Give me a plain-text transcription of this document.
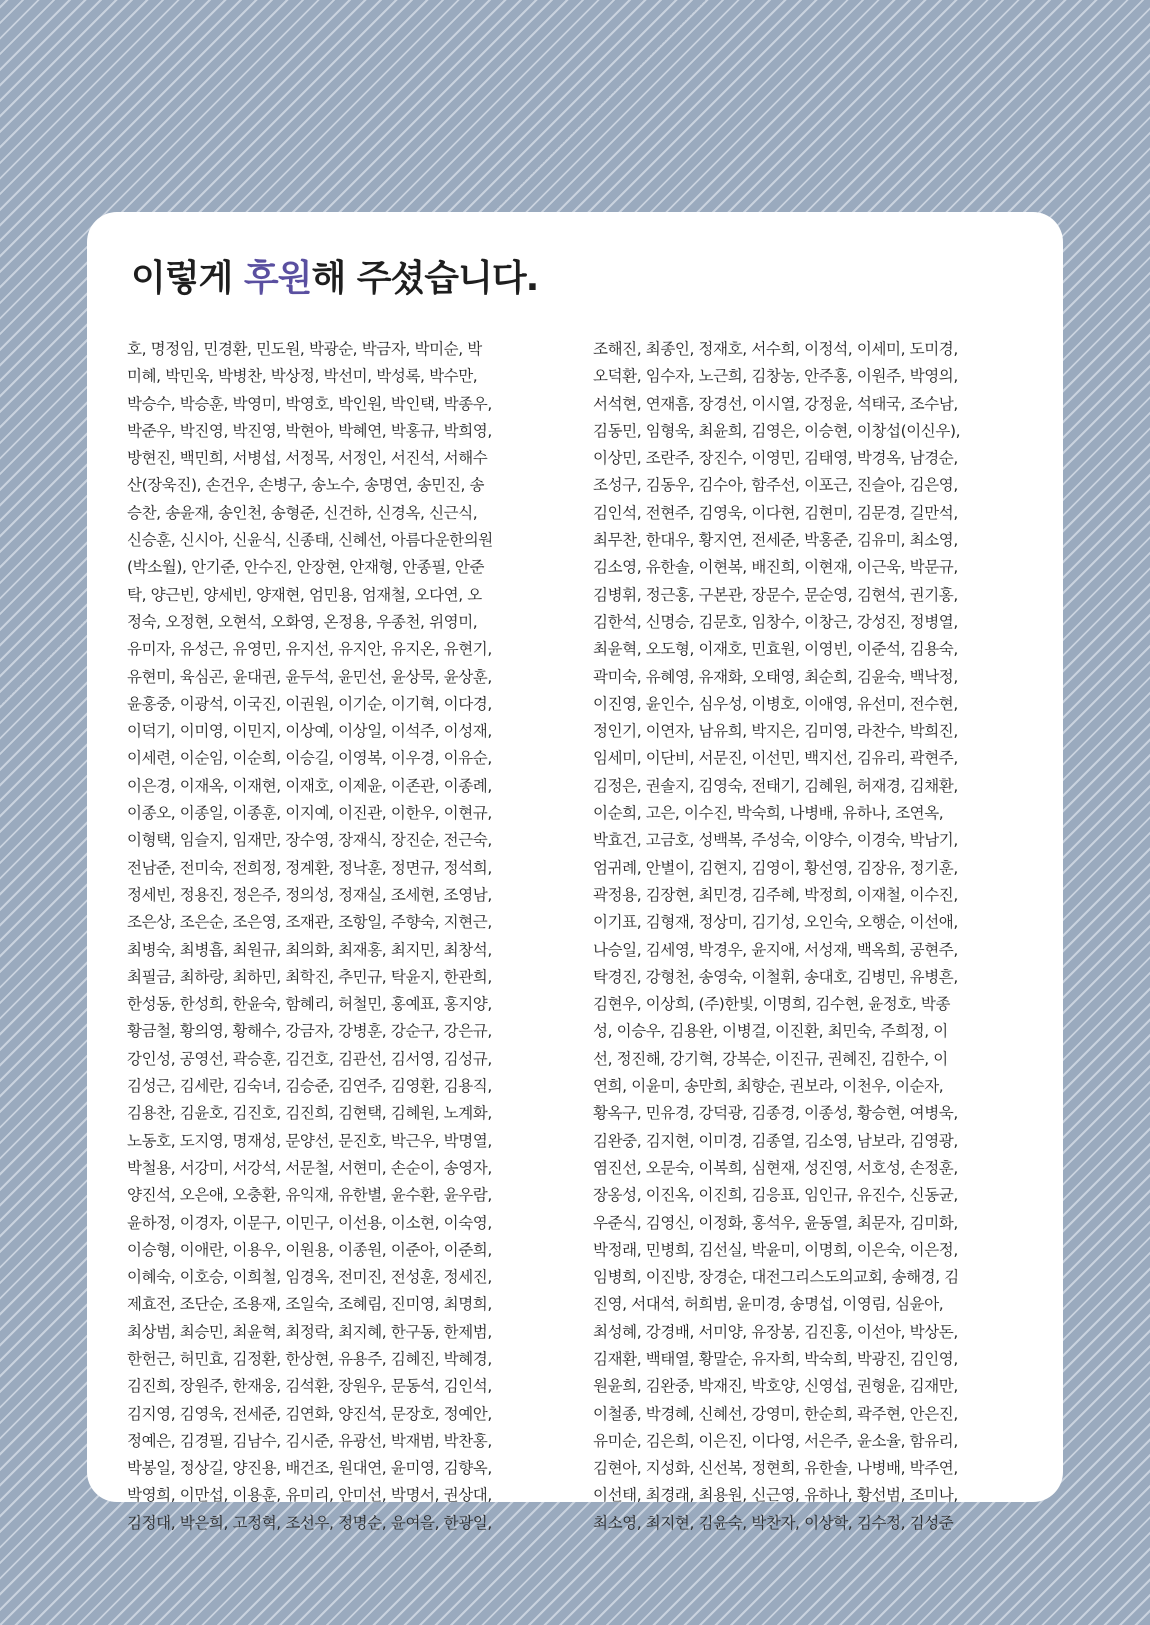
이렇게 후원해 주셨습니다.
호, 명정임, 민경환, 민도원, 박광순, 박금자, 박미순, 박
미혜, 박민욱, 박병찬, 박상정, 박선미, 박성록, 박수만,
박승수, 박승훈, 박영미, 박영호, 박인원, 박인택, 박종우,
박준우, 박진영, 박진영, 박현아, 박혜연, 박홍규, 박희영,
방현진, 백민희, 서병섭, 서정목, 서정인, 서진석, 서해수
산(장욱진), 손건우, 손병구, 송노수, 송명연, 송민진, 송
승찬, 송윤재, 송인천, 송형준, 신건하, 신경옥, 신근식,
신승훈, 신시아, 신윤식, 신종태, 신혜선, 아름다운한의원
(박소월), 안기준, 안수진, 안장현, 안재형, 안종필, 안준
탁, 양근빈, 양세빈, 양재현, 엄민용, 엄재철, 오다연, 오
정숙, 오정현, 오현석, 오화영, 온정용, 우종천, 위영미,
유미자, 유성근, 유영민, 유지선, 유지안, 유지온, 유현기,
유현미, 육심곤, 윤대권, 윤두석, 윤민선, 윤상묵, 윤상훈,
윤홍중, 이광석, 이국진, 이권원, 이기순, 이기혁, 이다경,
이덕기, 이미영, 이민지, 이상예, 이상일, 이석주, 이성재,
이세련, 이순임, 이순희, 이승길, 이영복, 이우경, 이유순,
이은경, 이재옥, 이재현, 이재호, 이제윤, 이존관, 이종례,
이종오, 이종일, 이종훈, 이지예, 이진관, 이한우, 이현규,
이형택, 임슬지, 임재만, 장수영, 장재식, 장진순, 전근숙,
전남준, 전미숙, 전희정, 정계환, 정낙훈, 정면규, 정석희,
정세빈, 정용진, 정은주, 정의성, 정재실, 조세현, 조영남,
조은상, 조은순, 조은영, 조재관, 조항일, 주향숙, 지현근,
최병숙, 최병흡, 최원규, 최의화, 최재홍, 최지민, 최창석,
최필금, 최하랑, 최하민, 최학진, 추민규, 탁윤지, 한관희,
한성동, 한성희, 한윤숙, 함혜리, 허철민, 홍예표, 홍지양,
황금철, 황의영, 황해수, 강금자, 강병훈, 강순구, 강은규,
강인성, 공영선, 곽승훈, 김건호, 김관선, 김서영, 김성규,
김성근, 김세란, 김숙녀, 김승준, 김연주, 김영환, 김용직,
김용찬, 김윤호, 김진호, 김진희, 김현택, 김혜원, 노계화,
노동호, 도지영, 명재성, 문양선, 문진호, 박근우, 박명열,
박철용, 서강미, 서강석, 서문철, 서현미, 손순이, 송영자,
양진석, 오은애, 오충환, 유익재, 유한별, 윤수환, 윤우람,
윤하정, 이경자, 이문구, 이민구, 이선용, 이소현, 이숙영,
이승형, 이애란, 이용우, 이원용, 이종원, 이준아, 이준희,
이혜숙, 이호승, 이희철, 임경옥, 전미진, 전성훈, 정세진,
제효전, 조단순, 조용재, 조일숙, 조혜림, 진미영, 최명희,
최상범, 최승민, 최윤혁, 최정락, 최지혜, 한구동, 한제범,
한헌근, 허민효, 김정환, 한상현, 유용주, 김혜진, 박혜경,
김진희, 장원주, 한재웅, 김석환, 장원우, 문동석, 김인석,
김지영, 김영욱, 전세준, 김연화, 양진석, 문장호, 정예안,
정예은, 김경필, 김남수, 김시준, 유광선, 박재범, 박찬홍,
박봉일, 정상길, 양진용, 배건조, 원대연, 윤미영, 김향옥,
박영희, 이만섭, 이용훈, 유미리, 안미선, 박명서, 권상대,
김정대, 박은희, 고정혁, 조선우, 정명순, 윤여을, 한광일,
조해진, 최종인, 정재호, 서수희, 이정석, 이세미, 도미경,
오덕환, 임수자, 노근희, 김창농, 안주홍, 이원주, 박영의,
서석현, 연재흠, 장경선, 이시열, 강정윤, 석태국, 조수남,
김동민, 임형욱, 최윤희, 김영은, 이승현, 이창섭(이신우),
이상민, 조란주, 장진수, 이영민, 김태영, 박경옥, 남경순,
조성구, 김동우, 김수아, 함주선, 이포근, 진슬아, 김은영,
김인석, 전현주, 김영욱, 이다현, 김현미, 김문경, 길만석,
최무찬, 한대우, 황지연, 전세준, 박홍준, 김유미, 최소영,
김소영, 유한솔, 이현복, 배진희, 이현재, 이근욱, 박문규,
김병휘, 정근홍, 구본관, 장문수, 문순영, 김현석, 권기홍,
김한석, 신명승, 김문호, 임창수, 이창근, 강성진, 정병열,
최윤혁, 오도형, 이재호, 민효원, 이영빈, 이준석, 김용숙,
곽미숙, 유혜영, 유재화, 오태영, 최순희, 김윤숙, 백낙정,
이진영, 윤인수, 심우성, 이병호, 이애영, 유선미, 전수현,
정인기, 이연자, 남유희, 박지은, 김미영, 라찬수, 박희진,
임세미, 이단비, 서문진, 이선민, 백지선, 김유리, 곽현주,
김정은, 권솔지, 김영숙, 전태기, 김혜원, 허재경, 김채환,
이순희, 고은, 이수진, 박숙희, 나병배, 유하나, 조연옥,
박효건, 고금호, 성백복, 주성숙, 이양수, 이경숙, 박남기,
엄귀례, 안별이, 김현지, 김영이, 황선영, 김장유, 정기훈,
곽정용, 김장현, 최민경, 김주혜, 박정희, 이재철, 이수진,
이기표, 김형재, 정상미, 김기성, 오인숙, 오행순, 이선애,
나승일, 김세영, 박경우, 윤지애, 서성재, 백옥희, 공현주,
탁경진, 강형천, 송영숙, 이철휘, 송대호, 김병민, 유병흔,
김현우, 이상희, (주)한빛, 이명희, 김수현, 윤정호, 박종
성, 이승우, 김용완, 이병걸, 이진환, 최민숙, 주희정, 이
선, 정진해, 강기혁, 강복순, 이진규, 권혜진, 김한수, 이
연희, 이윤미, 송만희, 최향순, 권보라, 이천우, 이순자,
황옥구, 민유경, 강덕광, 김종경, 이종성, 황승현, 여병욱,
김완중, 김지현, 이미경, 김종열, 김소영, 남보라, 김영광,
염진선, 오문숙, 이복희, 심현재, 성진영, 서호성, 손정훈,
장옹성, 이진옥, 이진희, 김응표, 임인규, 유진수, 신동균,
우준식, 김영신, 이정화, 홍석우, 윤동열, 최문자, 김미화,
박정래, 민병희, 김선실, 박윤미, 이명희, 이은숙, 이은정,
임병희, 이진방, 장경순, 대전그리스도의교회, 송해경, 김
진영, 서대석, 허희범, 윤미경, 송명섭, 이영림, 심윤아,
최성혜, 강경배, 서미양, 유장봉, 김진홍, 이선아, 박상돈,
김재환, 백태열, 황말순, 유자희, 박숙희, 박광진, 김인영,
원윤희, 김완중, 박재진, 박호양, 신영섭, 권형윤, 김재만,
이철종, 박경혜, 신혜선, 강영미, 한순희, 곽주현, 안은진,
유미순, 김은희, 이은진, 이다영, 서은주, 윤소율, 함유리,
김현아, 지성화, 신선복, 정현희, 유한솔, 나병배, 박주연,
이선태, 최경래, 최용원, 신근영, 유하나, 황선범, 조미나,
최소영, 최지현, 김윤숙, 박찬자, 이상학, 김수정, 김성준
